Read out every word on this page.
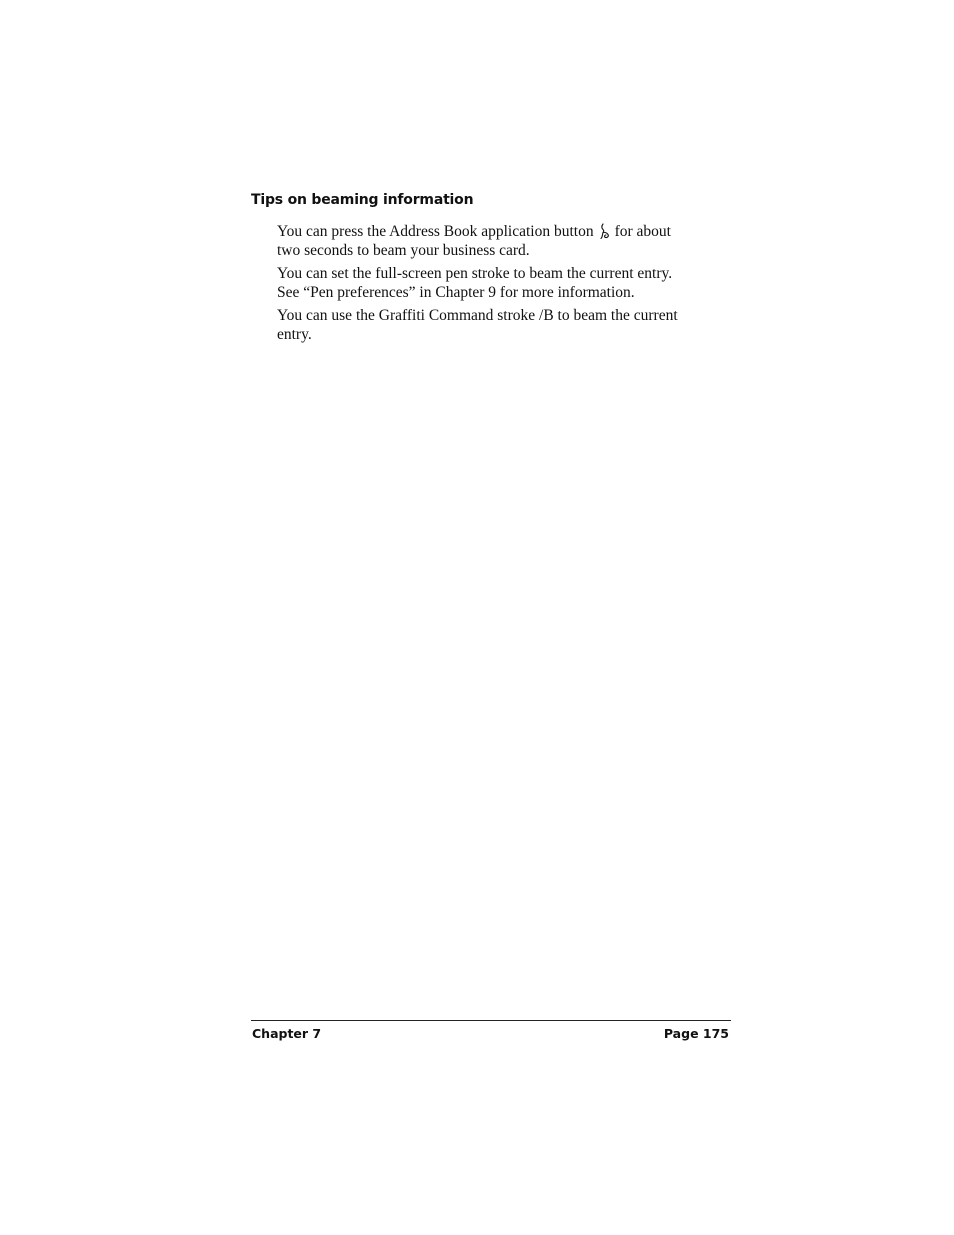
Tips on beaming information

You can press the Address Book application button for about
two seconds to beam your business card.

You can set the full-screen pen stroke to beam the current entry.
See “Pen preferences” in Chapter 9 for more information.

You can use the Graffiti Command stroke /B to beam the current
entry.

Chapter 7	Page 175
